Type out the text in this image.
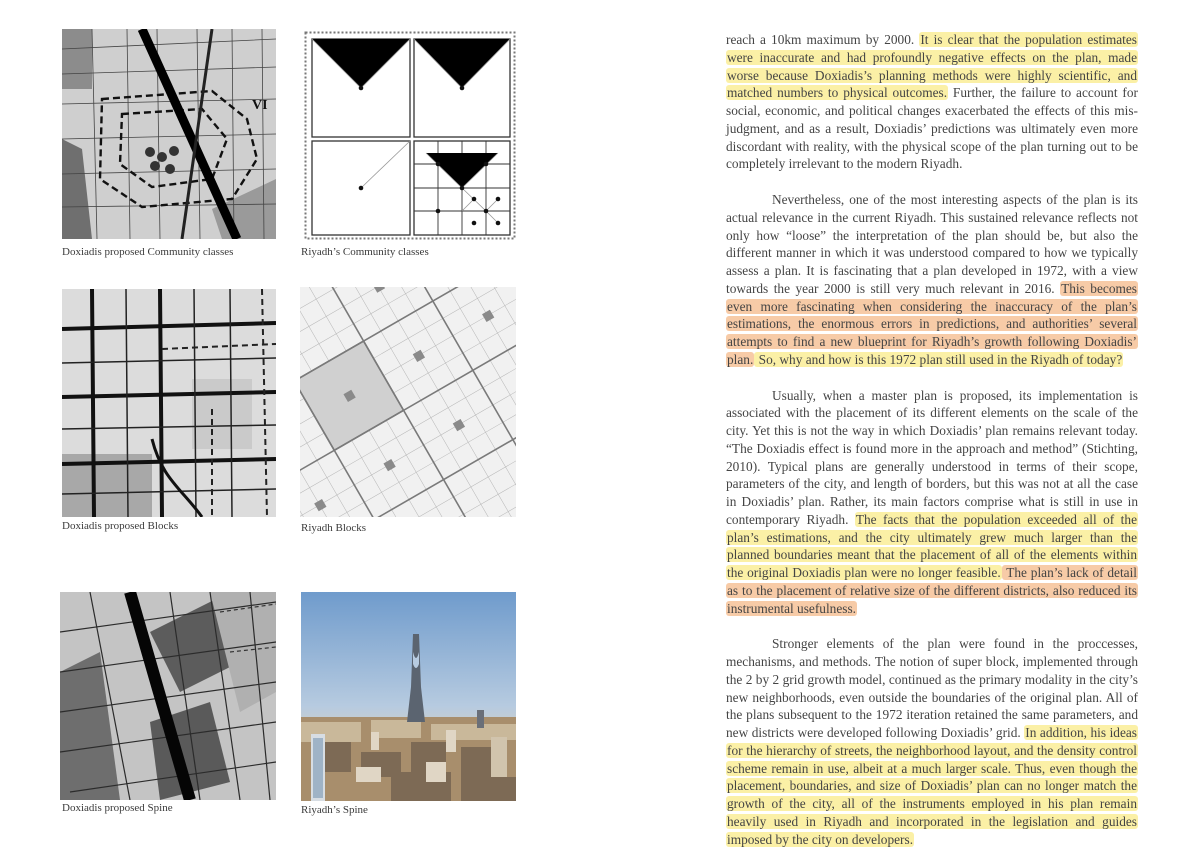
VI
Doxiadis proposed Community classes	Riyadh’s Community classes
Doxiadis proposed Blocks	Riyadh Blocks
Doxiadis proposed Spine	Riyadh’s Spine

reach a 10km maximum by 2000. It is clear that the population estimates were inaccurate and had profoundly negative effects on the plan, made worse because Doxiadis’s planning methods were highly scientific, and matched numbers to physical outcomes. Further, the failure to account for social, economic, and political changes exacerbated the effects of this mis-judgment, and as a result, Doxiadis’ predictions was ultimately even more discordant with reality, with the physical scope of the plan turning out to be completely irrelevant to the modern Riyadh.

Nevertheless, one of the most interesting aspects of the plan is its actual relevance in the current Riyadh. This sustained relevance reflects not only how “loose” the interpretation of the plan should be, but also the different manner in which it was understood compared to how we typically assess a plan. It is fascinating that a plan developed in 1972, with a view towards the year 2000 is still very much relevant in 2016. This becomes even more fascinating when considering the inaccuracy of the plan’s estimations, the enormous errors in predictions, and authorities’ several attempts to find a new blueprint for Riyadh’s growth following Doxiadis’ plan. So, why and how is this 1972 plan still used in the Riyadh of today?

Usually, when a master plan is proposed, its implementation is associated with the placement of its different elements on the scale of the city. Yet this is not the way in which Doxiadis’ plan remains relevant today. “The Doxiadis effect is found more in the approach and method” (Stichting, 2010). Typical plans are generally understood in terms of their scope, parameters of the city, and length of borders, but this was not at all the case in Doxiadis’ plan. Rather, its main factors comprise what is still in use in contemporary Riyadh. The facts that the population exceeded all of the plan’s estimations, and the city ultimately grew much larger than the planned boundaries meant that the placement of all of the elements within the original Doxiadis plan were no longer feasible. The plan’s lack of detail as to the placement of relative size of the different districts, also reduced its instrumental usefulness.

Stronger elements of the plan were found in the proccesses, mechanisms, and methods. The notion of super block, implemented through the 2 by 2 grid growth model, continued as the primary modality in the city’s new neighborhoods, even outside the boundaries of the original plan. All of the plans subsequent to the 1972 iteration retained the same parameters, and new districts were developed following Doxiadis’ grid. In addition, his ideas for the hierarchy of streets, the neighborhood layout, and the density control scheme remain in use, albeit at a much larger scale. Thus, even though the placement, boundaries, and size of Doxiadis’ plan can no longer match the growth of the city, all of the instruments employed in his plan remain heavily used in Riyadh and incorporated in the legislation and guides imposed by the city on developers.
